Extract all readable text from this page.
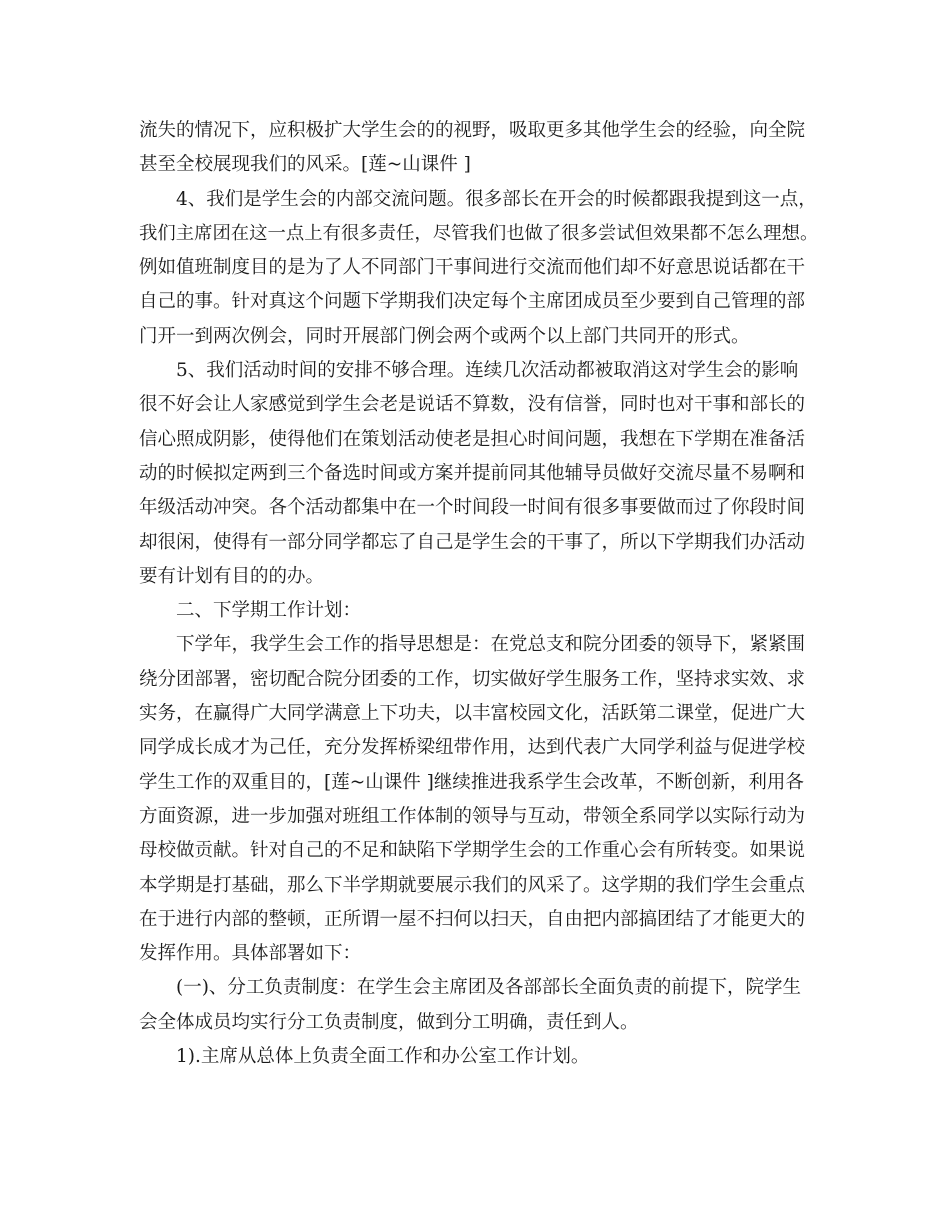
流失的情况下，应积极扩大学生会的的视野，吸取更多其他学生会的经验，向全院
甚至全校展现我们的风采。[莲~山课件 ]
4、我们是学生会的内部交流问题。很多部长在开会的时候都跟我提到这一点，
我们主席团在这一点上有很多责任，尽管我们也做了很多尝试但效果都不怎么理想。
例如值班制度目的是为了人不同部门干事间进行交流而他们却不好意思说话都在干
自己的事。针对真这个问题下学期我们决定每个主席团成员至少要到自己管理的部
门开一到两次例会，同时开展部门例会两个或两个以上部门共同开的形式。
5、我们活动时间的安排不够合理。连续几次活动都被取消这对学生会的影响
很不好会让人家感觉到学生会老是说话不算数，没有信誉，同时也对干事和部长的
信心照成阴影，使得他们在策划活动使老是担心时间问题，我想在下学期在准备活
动的时候拟定两到三个备选时间或方案并提前同其他辅导员做好交流尽量不易啊和
年级活动冲突。各个活动都集中在一个时间段一时间有很多事要做而过了你段时间
却很闲，使得有一部分同学都忘了自己是学生会的干事了，所以下学期我们办活动
要有计划有目的的办。
二、下学期工作计划：
下学年，我学生会工作的指导思想是：在党总支和院分团委的领导下，紧紧围
绕分团部署，密切配合院分团委的工作，切实做好学生服务工作，坚持求实效、求
实务，在赢得广大同学满意上下功夫，以丰富校园文化，活跃第二课堂，促进广大
同学成长成才为己任，充分发挥桥梁纽带作用，达到代表广大同学利益与促进学校
学生工作的双重目的，[莲~山课件 ]继续推进我系学生会改革，不断创新，利用各
方面资源，进一步加强对班组工作体制的领导与互动，带领全系同学以实际行动为
母校做贡献。针对自己的不足和缺陷下学期学生会的工作重心会有所转变。如果说
本学期是打基础，那么下半学期就要展示我们的风采了。这学期的我们学生会重点
在于进行内部的整顿，正所谓一屋不扫何以扫天，自由把内部搞团结了才能更大的
发挥作用。具体部署如下：
(一)、分工负责制度：在学生会主席团及各部部长全面负责的前提下，院学生
会全体成员均实行分工负责制度，做到分工明确，责任到人。
1).主席从总体上负责全面工作和办公室工作计划。
